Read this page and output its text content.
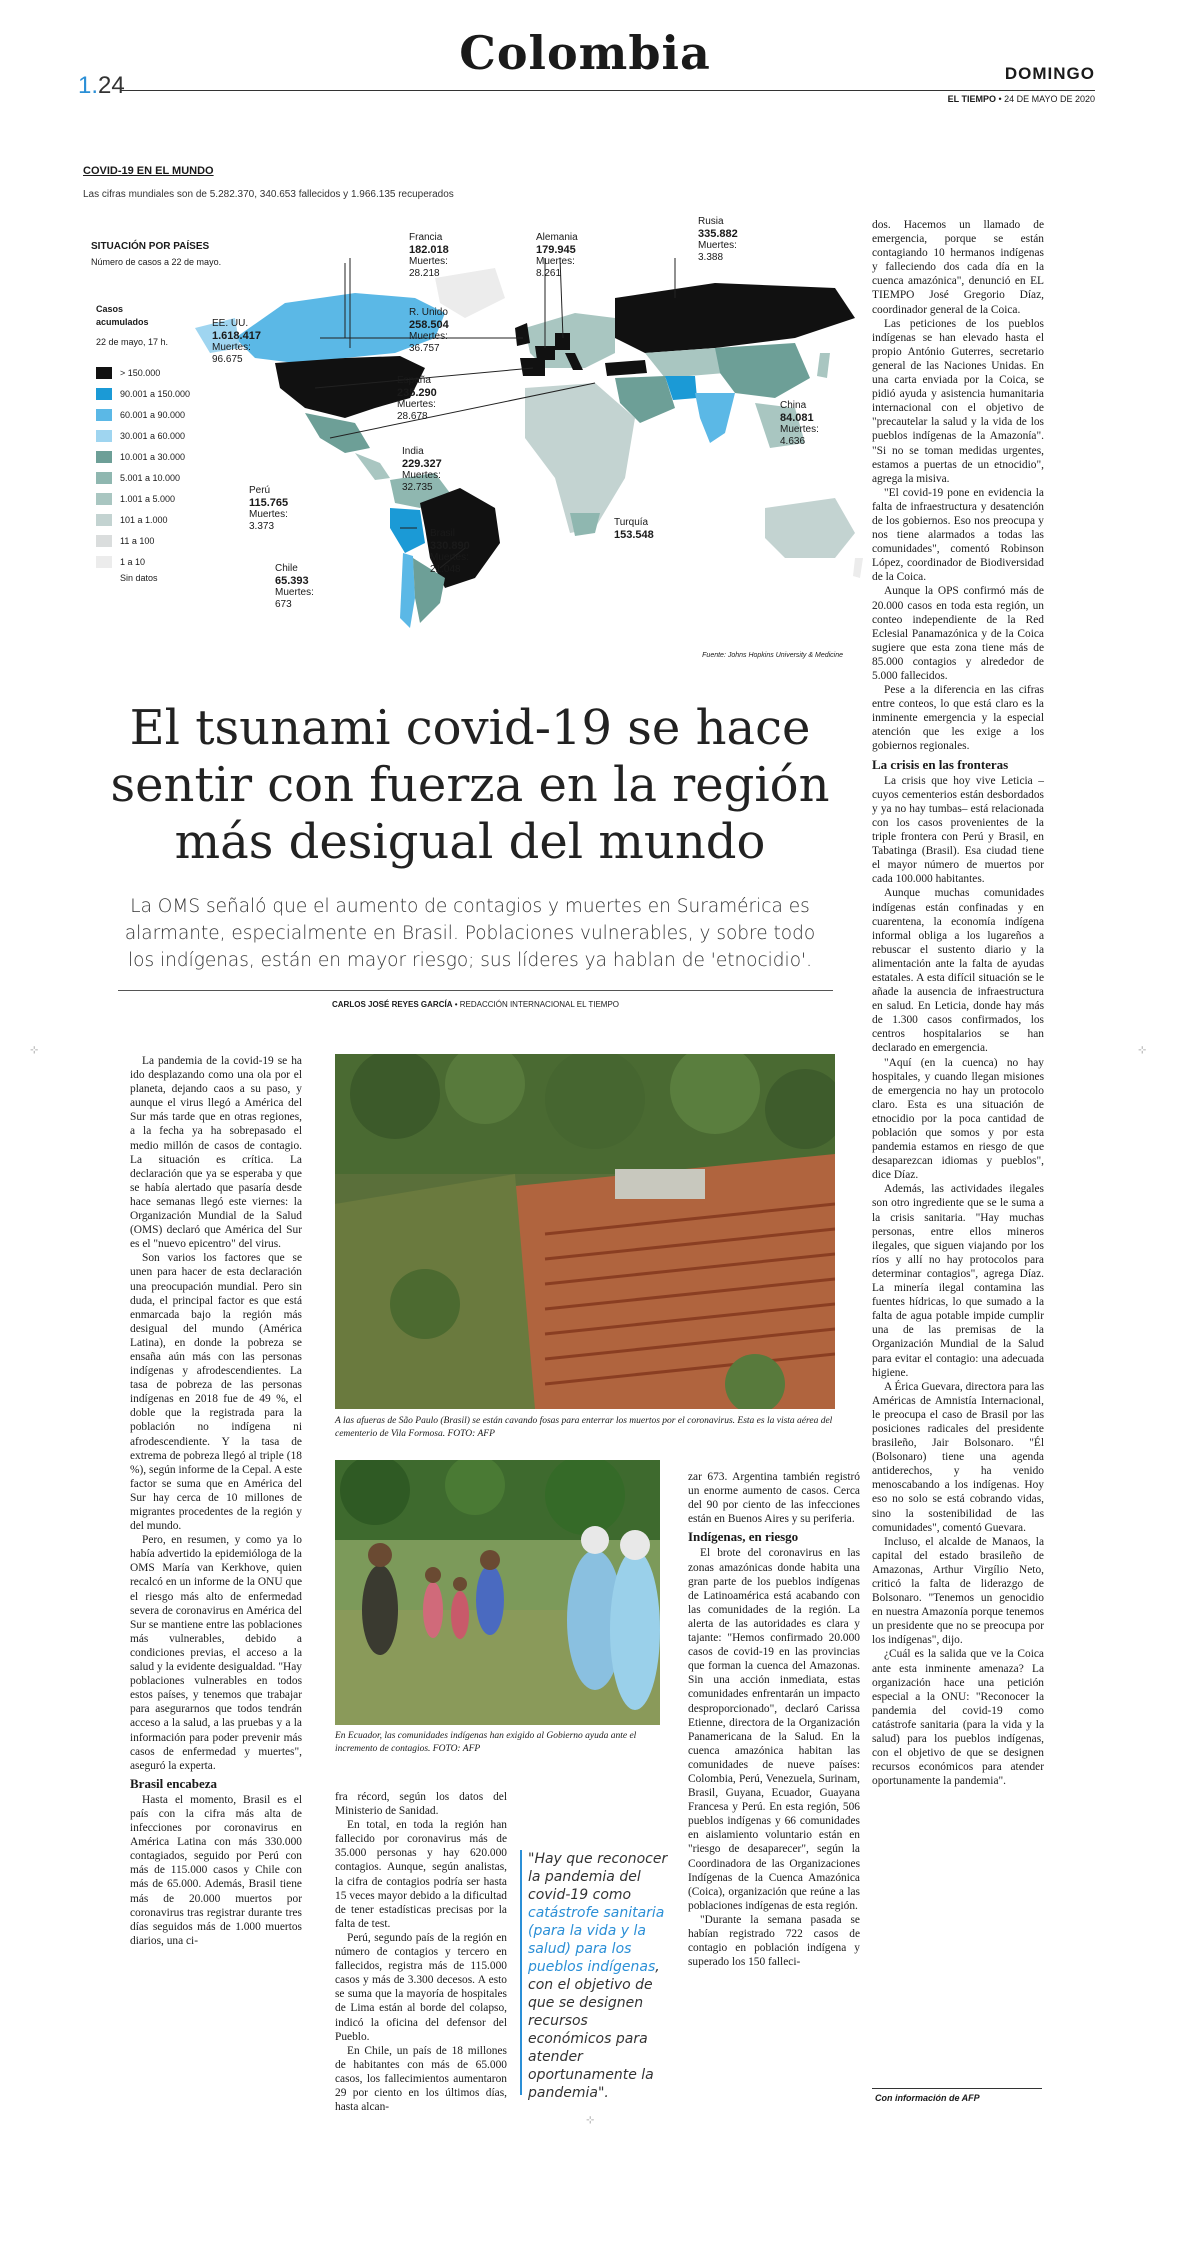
Colombia
1.24	DOMINGO
EL TIEMPO • 24 DE MAYO DE 2020
COVID-19 EN EL MUNDO
Las cifras mundiales son de 5.282.370, 340.653 fallecidos y 1.966.135 recuperados
SITUACIÓN POR PAÍSES
Número de casos a 22 de mayo.
Casos acumulados
22 de mayo, 17 h.
> 150.000
90.001 a 150.000
60.001 a 90.000
30.001 a 60.000
10.001 a 30.000
5.001 a 10.000
1.001 a 5.000
101 a 1.000
11 a 100
1 a 10
Sin datos
Francia
182.018
Muertes:
28.218
Alemania
179.945
Muertes:
8.261
Rusia
335.882
Muertes:
3.388
EE. UU.
1.618.417
Muertes:
96.675
R. Unido
258.504
Muertes:
36.757
España
235.290
Muertes:
28.678
India
229.327
Muertes:
32.735
China
84.081
Muertes:
4.636
Perú
115.765
Muertes:
3.373
Brasil
330.890
Muertes:
21.048
Turquía
153.548
Chile
65.393
Muertes:
673
Fuente: Johns Hopkins University & Medicine
El tsunami covid-19 se hace sentir con fuerza en la región más desigual del mundo
La OMS señaló que el aumento de contagios y muertes en Suramérica es alarmante, especialmente en Brasil. Poblaciones vulnerables, y sobre todo los indígenas, están en mayor riesgo; sus líderes ya hablan de 'etnocidio'.
CARLOS JOSÉ REYES GARCÍA • REDACCIÓN INTERNACIONAL EL TIEMPO

La pandemia de la covid-19 se ha ido desplazando como una ola por el planeta, dejando caos a su paso, y aunque el virus llegó a América del Sur más tarde que en otras regiones, a la fecha ya ha sobrepasado el medio millón de casos de contagio. La situación es crítica. La declaración que ya se esperaba y que se había alertado que pasaría desde hace semanas llegó este viernes: la Organización Mundial de la Salud (OMS) declaró que América del Sur es el "nuevo epicentro" del virus.

Son varios los factores que se unen para hacer de esta declaración una preocupación mundial. Pero sin duda, el principal factor es que está enmarcada bajo la región más desigual del mundo (América Latina), en donde la pobreza se ensaña aún más con las personas indígenas y afrodescendientes. La tasa de pobreza de las personas indígenas en 2018 fue de 49 %, el doble que la registrada para la población no indígena ni afrodescendiente. Y la tasa de extrema de pobreza llegó al triple (18 %), según informe de la Cepal. A este factor se suma que en América del Sur hay cerca de 10 millones de migrantes procedentes de la región y del mundo.

Pero, en resumen, y como ya lo había advertido la epidemióloga de la OMS María van Kerkhove, quien recalcó en un informe de la ONU que el riesgo más alto de enfermedad severa de coronavirus en América del Sur se mantiene entre las poblaciones más vulnerables, debido a condiciones previas, el acceso a la salud y la evidente desigualdad. "Hay poblaciones vulnerables en todos estos países, y tenemos que trabajar para asegurarnos que todos tendrán acceso a la salud, a las pruebas y a la información para poder prevenir más casos de enfermedad y muertes", aseguró la experta.

Brasil encabeza

Hasta el momento, Brasil es el país con la cifra más alta de infecciones por coronavirus en América Latina con más 330.000 contagiados, seguido por Perú con más de 115.000 casos y Chile con más de 65.000. Además, Brasil tiene más de 20.000 muertos por coronavirus tras registrar durante tres días seguidos más de 1.000 muertos diarios, una ci-

fra récord, según los datos del Ministerio de Sanidad.

En total, en toda la región han fallecido por coronavirus más de 35.000 personas y hay 620.000 contagios. Aunque, según analistas, la cifra de contagios podría ser hasta 15 veces mayor debido a la dificultad de tener estadísticas precisas por la falta de test.

Perú, segundo país de la región en número de contagios y tercero en fallecidos, registra más de 115.000 casos y más de 3.300 decesos. A esto se suma que la mayoría de hospitales de Lima están al borde del colapso, indicó la oficina del defensor del Pueblo.

En Chile, un país de 18 millones de habitantes con más de 65.000 casos, los fallecimientos aumentaron 29 por ciento en los últimos días, hasta alcan-

zar 673. Argentina también registró un enorme aumento de casos. Cerca del 90 por ciento de las infecciones están en Buenos Aires y su periferia.

Indígenas, en riesgo

El brote del coronavirus en las zonas amazónicas donde habita una gran parte de los pueblos indígenas de Latinoamérica está acabando con las comunidades de la región. La alerta de las autoridades es clara y tajante: "Hemos confirmado 20.000 casos de covid-19 en las provincias que forman la cuenca del Amazonas. Sin una acción inmediata, estas comunidades enfrentarán un impacto desproporcionado", declaró Carissa Etienne, directora de la Organización Panamericana de la Salud. En la cuenca amazónica habitan las comunidades de nueve países: Colombia, Perú, Venezuela, Surinam, Brasil, Guyana, Ecuador, Guayana Francesa y Perú. En esta región, 506 pueblos indígenas y 66 comunidades en aislamiento voluntario están en "riesgo de desaparecer", según la Coordinadora de las Organizaciones Indígenas de la Cuenca Amazónica (Coica), organización que reúne a las poblaciones indígenas de esta región.

"Durante la semana pasada se habían registrado 722 casos de contagio en población indígena y superado los 150 falleci-

dos. Hacemos un llamado de emergencia, porque se están contagiando 10 hermanos indígenas y falleciendo dos cada día en la cuenca amazónica", denunció en EL TIEMPO José Gregorio Díaz, coordinador general de la Coica.

Las peticiones de los pueblos indígenas se han elevado hasta el propio António Guterres, secretario general de las Naciones Unidas. En una carta enviada por la Coica, se pidió ayuda y asistencia humanitaria internacional con el objetivo de "precautelar la salud y la vida de los pueblos indígenas de la Amazonía". "Si no se toman medidas urgentes, estamos a puertas de un etnocidio", agrega la misiva.

"El covid-19 pone en evidencia la falta de infraestructura y desatención de los gobiernos. Eso nos preocupa y nos tiene alarmados a todas las comunidades", comentó Robinson López, coordinador de Biodiversidad de la Coica.

Aunque la OPS confirmó más de 20.000 casos en toda esta región, un conteo independiente de la Red Eclesial Panamazónica y de la Coica sugiere que esta zona tiene más de 85.000 contagios y alrededor de 5.000 fallecidos.

Pese a la diferencia en las cifras entre conteos, lo que está claro es la inminente emergencia y la especial atención que les exige a los gobiernos regionales.

La crisis en las fronteras

La crisis que hoy vive Leticia –cuyos cementerios están desbordados y ya no hay tumbas– está relacionada con los casos provenientes de la triple frontera con Perú y Brasil, en Tabatinga (Brasil). Esa ciudad tiene el mayor número de muertos por cada 100.000 habitantes.

Aunque muchas comunidades indígenas están confinadas y en cuarentena, la economía indígena informal obliga a los lugareños a rebuscar el sustento diario y la alimentación ante la falta de ayudas estatales. A esta difícil situación se le añade la ausencia de infraestructura en salud. En Leticia, donde hay más de 1.300 casos confirmados, los centros hospitalarios se han declarado en emergencia.

"Aquí (en la cuenca) no hay hospitales, y cuando llegan misiones de emergencia no hay un protocolo claro. Esta es una situación de etnocidio por la poca cantidad de población que somos y por esta pandemia estamos en riesgo de que desaparezcan idiomas y pueblos", dice Díaz.

Además, las actividades ilegales son otro ingrediente que se le suma a la crisis sanitaria. "Hay muchas personas, entre ellos mineros ilegales, que siguen viajando por los ríos y allí no hay protocolos para determinar contagios", agrega Díaz. La minería ilegal contamina las fuentes hídricas, lo que sumado a la falta de agua potable impide cumplir una de las premisas de la Organización Mundial de la Salud para evitar el contagio: una adecuada higiene.

A Érica Guevara, directora para las Américas de Amnistía Internacional, le preocupa el caso de Brasil por las posiciones radicales del presidente brasileño, Jair Bolsonaro. "Él (Bolsonaro) tiene una agenda antiderechos, y ha venido menoscabando a los indígenas. Hoy eso no solo se está cobrando vidas, sino la sostenibilidad de las comunidades", comentó Guevara.

Incluso, el alcalde de Manaos, la capital del estado brasileño de Amazonas, Arthur Virgílio Neto, criticó la falta de liderazgo de Bolsonaro. "Tenemos un genocidio en nuestra Amazonía porque tenemos un presidente que no se preocupa por los indígenas", dijo.

¿Cuál es la salida que ve la Coica ante esta inminente amenaza? La organización hace una petición especial a la ONU: "Reconocer la pandemia del covid-19 como catástrofe sanitaria (para la vida y la salud) para los pueblos indígenas, con el objetivo de que se designen recursos económicos para atender oportunamente la pandemia".

A las afueras de São Paulo (Brasil) se están cavando fosas para enterrar los muertos por el coronavirus. Esta es la vista aérea del cementerio de Vila Formosa. FOTO: AFP
En Ecuador, las comunidades indígenas han exigido al Gobierno ayuda ante el incremento de contagios. FOTO: AFP
"Hay que reconocer la pandemia del covid-19 como catástrofe sanitaria (para la vida y la salud) para los pueblos indígenas, con el objetivo de que se designen recursos económicos para atender oportunamente la pandemia".	Con información de AFP
⊹	⊹
⊹
